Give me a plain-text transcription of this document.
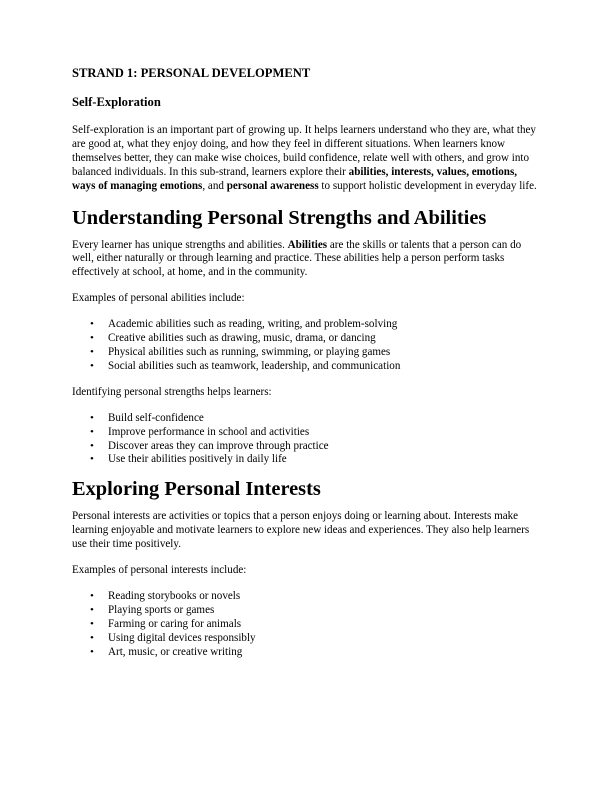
STRAND 1: PERSONAL DEVELOPMENT
Self-Exploration

Self-exploration is an important part of growing up. It helps learners understand who they are, what they are good at, what they enjoy doing, and how they feel in different situations. When learners know themselves better, they can make wise choices, build confidence, relate well with others, and grow into balanced individuals. In this sub-strand, learners explore their abilities, interests, values, emotions, ways of managing emotions, and personal awareness to support holistic development in everyday life.

Understanding Personal Strengths and Abilities

Every learner has unique strengths and abilities. Abilities are the skills or talents that a person can do well, either naturally or through learning and practice. These abilities help a person perform tasks effectively at school, at home, and in the community.

Examples of personal abilities include:

• Academic abilities such as reading, writing, and problem-solving
• Creative abilities such as drawing, music, drama, or dancing
• Physical abilities such as running, swimming, or playing games
• Social abilities such as teamwork, leadership, and communication

Identifying personal strengths helps learners:

• Build self-confidence
• Improve performance in school and activities
• Discover areas they can improve through practice
• Use their abilities positively in daily life
Exploring Personal Interests

Personal interests are activities or topics that a person enjoys doing or learning about. Interests make learning enjoyable and motivate learners to explore new ideas and experiences. They also help learners use their time positively.

Examples of personal interests include:

• Reading storybooks or novels
• Playing sports or games
• Farming or caring for animals
• Using digital devices responsibly
• Art, music, or creative writing
